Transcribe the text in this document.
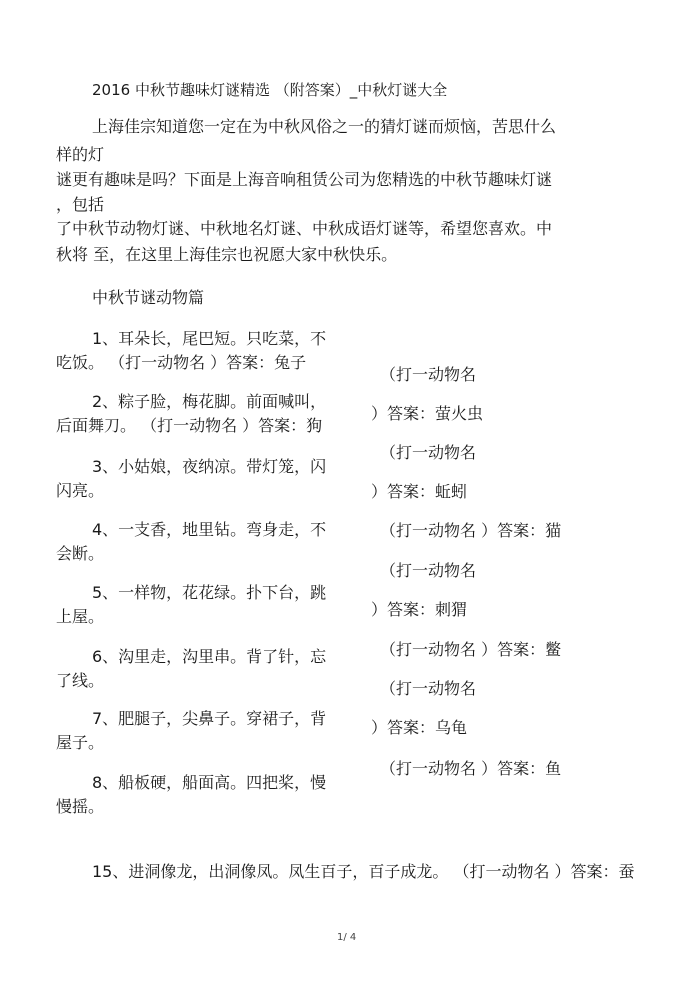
2016 中秋节趣味灯谜精选 （附答案）_中秋灯谜大全
上海佳宗知道您一定在为中秋风俗之一的猜灯谜而烦恼，苦思什么
样的灯
谜更有趣味是吗？下面是上海音响租赁公司为您精选的中秋节趣味灯谜
，包括
了中秋节动物灯谜、中秋地名灯谜、中秋成语灯谜等，希望您喜欢。中
秋将 至，在这里上海佳宗也祝愿大家中秋快乐。
中秋节谜动物篇
1、耳朵长，尾巴短。只吃菜，不
吃饭。 （打一动物名 ）答案：兔子
2、粽子脸，梅花脚。前面喊叫，
后面舞刀。 （打一动物名 ）答案：狗
3、小姑娘，夜纳凉。带灯笼，闪
闪亮。
4、一支香，地里钻。弯身走，不
会断。
5、一样物，花花绿。扑下台，跳
上屋。
6、沟里走，沟里串。背了针，忘
了线。
7、肥腿子，尖鼻子。穿裙子，背
屋子。
8、船板硬，船面高。四把桨，慢
慢摇。
（打一动物名
）答案：萤火虫
（打一动物名
）答案：蚯蚓
（打一动物名 ）答案：猫
（打一动物名
）答案：刺猬
（打一动物名 ）答案：鳖
（打一动物名
）答案：乌龟
（打一动物名 ）答案：鱼
15、进洞像龙，出洞像凤。凤生百子，百子成龙。 （打一动物名 ）答案：蚕
1/ 4
